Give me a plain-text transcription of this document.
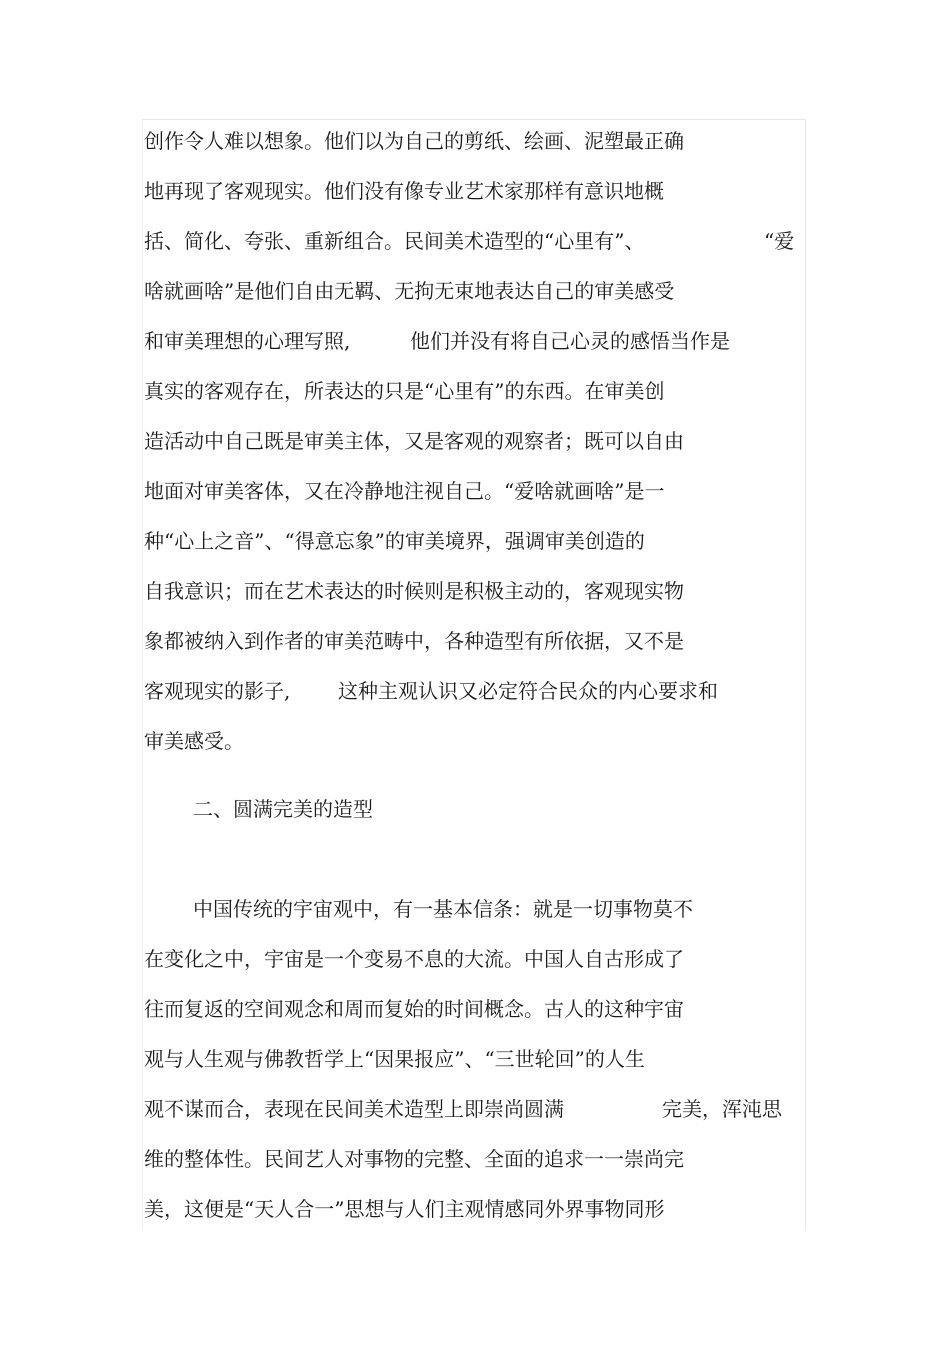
创作令人难以想象。他们以为自己的剪纸、绘画、泥塑最正确
地再现了客观现实。他们没有像专业艺术家那样有意识地概
括、简化、夸张、重新组合。民间美术造型的“心里有”、	“爱
啥就画啥”是他们自由无羁、无拘无束地表达自己的审美感受
和审美理想的心理写照,	他们并没有将自己心灵的感悟当作是
真实的客观存在，所表达的只是“心里有”的东西。在审美创
造活动中自己既是审美主体，又是客观的观察者；既可以自由
地面对审美客体，又在冷静地注视自己。“爱啥就画啥”是一
种“心上之音”、“得意忘象”的审美境界，强调审美创造的
自我意识；而在艺术表达的时候则是积极主动的，客观现实物
象都被纳入到作者的审美范畴中，各种造型有所依据，又不是
客观现实的影子, 这种主观认识又必定符合民众的内心要求和
审美感受。
二、圆满完美的造型
中国传统的宇宙观中，有一基本信条：就是一切事物莫不
在变化之中，宇宙是一个变易不息的大流。中国人自古形成了
往而复返的空间观念和周而复始的时间概念。古人的这种宇宙
观与人生观与佛教哲学上“因果报应”、“三世轮回”的人生
观不谋而合，表现在民间美术造型上即崇尚圆满	完美，浑沌思
维的整体性。民间艺人对事物的完整、全面的追求一一崇尚完
美，这便是“天人合一”思想与人们主观情感同外界事物同形
